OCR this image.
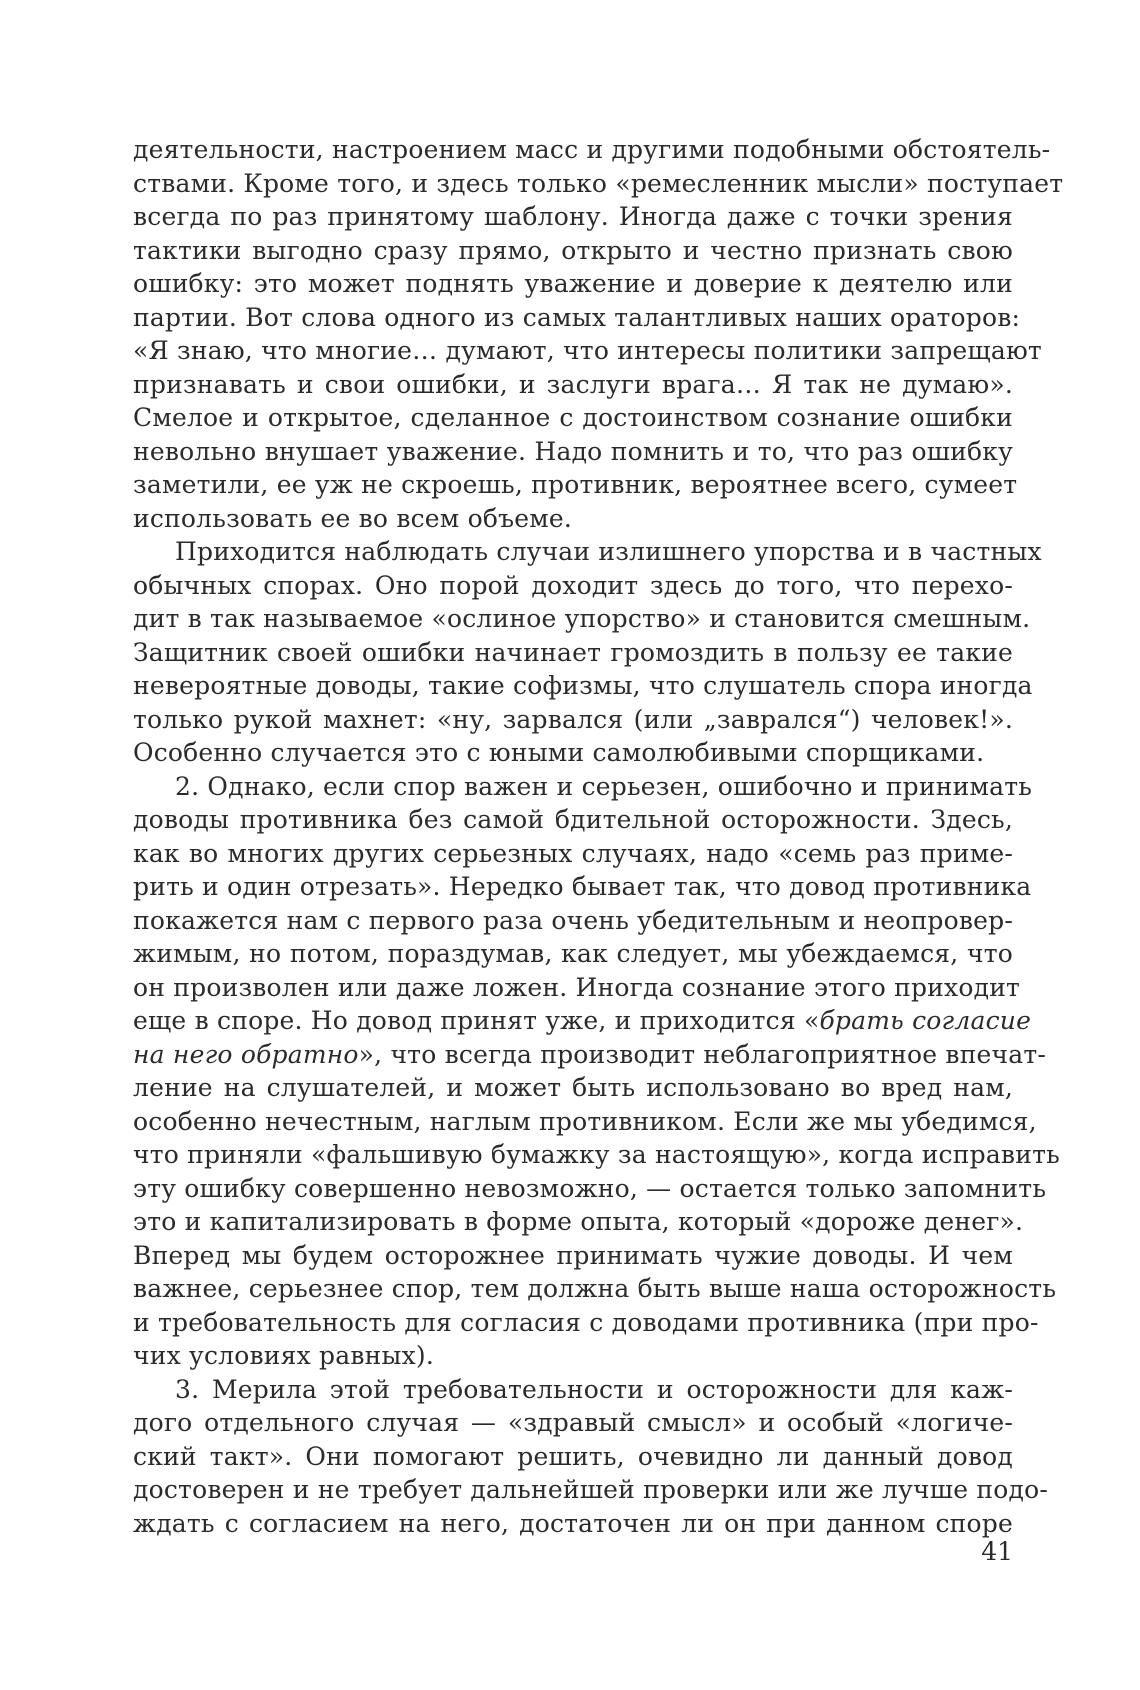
деятельности, настроением масс и другими подобными обстоятель-
ствами. Кроме того, и здесь только «ремесленник мысли» поступает
всегда по раз принятому шаблону. Иногда даже с точки зрения
тактики выгодно сразу прямо, открыто и честно признать свою
ошибку: это может поднять уважение и доверие к деятелю или
партии. Вот слова одного из самых талантливых наших ораторов:
«Я знаю, что многие… думают, что интересы политики запрещают
признавать и свои ошибки, и заслуги врага… Я так не думаю».
Смелое и открытое, сделанное с достоинством сознание ошибки
невольно внушает уважение. Надо помнить и то, что раз ошибку
заметили, ее уж не скроешь, противник, вероятнее всего, сумеет
использовать ее во всем объеме.
Приходится наблюдать случаи излишнего упорства и в частных
обычных спорах. Оно порой доходит здесь до того, что перехо-
дит в так называемое «ослиное упорство» и становится смешным.
Защитник своей ошибки начинает громоздить в пользу ее такие
невероятные доводы, такие софизмы, что слушатель спора иногда
только рукой махнет: «ну, зарвался (или „заврался“) человек!».
Особенно случается это с юными самолюбивыми спорщиками.
2. Однако, если спор важен и серьезен, ошибочно и принимать
доводы противника без самой бдительной осторожности. Здесь,
как во многих других серьезных случаях, надо «семь раз приме-
рить и один отрезать». Нередко бывает так, что довод противника
покажется нам с первого раза очень убедительным и неопровер-
жимым, но потом, пораздумав, как следует, мы убеждаемся, что
он произволен или даже ложен. Иногда сознание этого приходит
еще в споре. Но довод принят уже, и приходится «брать согласие
на него обратно», что всегда производит неблагоприятное впечат-
ление на слушателей, и может быть использовано во вред нам,
особенно нечестным, наглым противником. Если же мы убедимся,
что приняли «фальшивую бумажку за настоящую», когда исправить
эту ошибку совершенно невозможно, — остается только запомнить
это и капитализировать в форме опыта, который «дороже денег».
Вперед мы будем осторожнее принимать чужие доводы. И чем
важнее, серьезнее спор, тем должна быть выше наша осторожность
и требовательность для согласия с доводами противника (при про-
чих условиях равных).
3. Мерила этой требовательности и осторожности для каж-
дого отдельного случая — «здравый смысл» и особый «логиче-
ский такт». Они помогают решить, очевидно ли данный довод
достоверен и не требует дальнейшей проверки или же лучше подо-
ждать с согласием на него, достаточен ли он при данном споре
41
